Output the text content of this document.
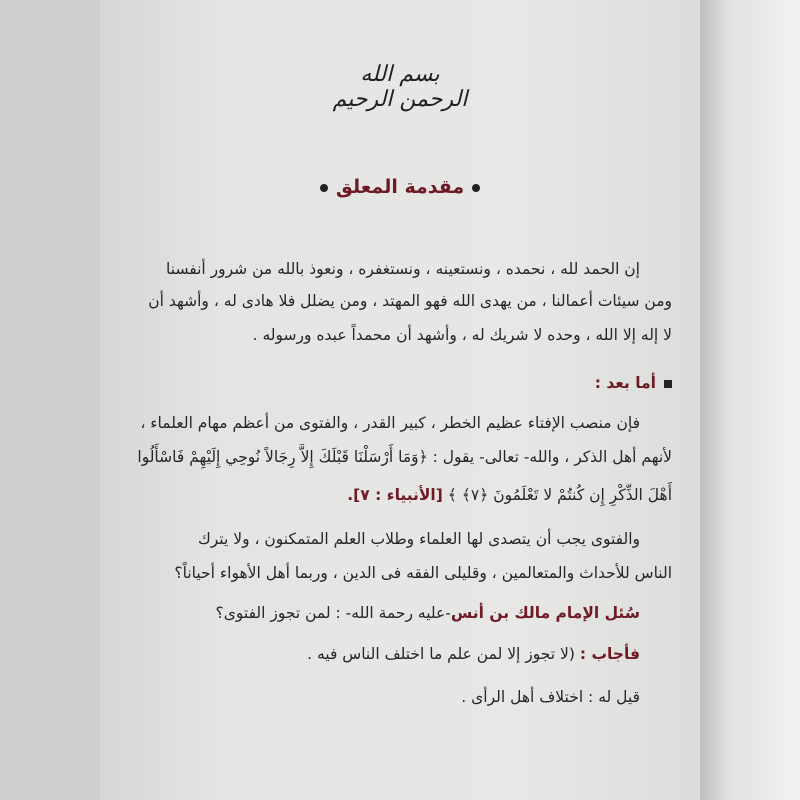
بسم الله الرحمن الرحيم
مقدمة المعلق
إن الحمد لله ، نحمده ، ونستعينه ، ونستغفره ، ونعوذ بالله من شرور أنفسنا
ومن سيئات أعمالنا ، من يهدى الله فهو المهتد ، ومن يضلل فلا هادى له ، وأشهد أن
لا إله إلا الله ، وحده لا شريك له ، وأشهد أن محمداً عبده ورسوله .
أما بعد :
فإن منصب الإفتاء عظيم الخطر ، كبير القدر ، والفتوى من أعظم مهام العلماء ،
لأنهم أهل الذكر ، والله- تعالى- يقول : ﴿وَمَا أَرْسَلْنَا قَبْلَكَ إِلاَّ رِجَالاً نُوحِي إِلَيْهِمْ فَاسْأَلُوا
أَهْلَ الذِّكْرِ إِن كُنتُمْ لا تَعْلَمُونَ ﴿٧﴾ ﴾ [الأنبياء : ٧].
والفتوى يجب أن يتصدى لها العلماء وطلاب العلم المتمكنون ، ولا يترك
الناس للأحداث والمتعالمين ، وقليلى الفقه فى الدين ، وربما أهل الأهواء أحياناً؟
سُئل الإمام مالك بن أنس-عليه رحمة الله- : لمن تجوز الفتوى؟
فأجاب : (لا تجوز إلا لمن علم ما اختلف الناس فيه .
قيل له : اختلاف أهل الرأى .
